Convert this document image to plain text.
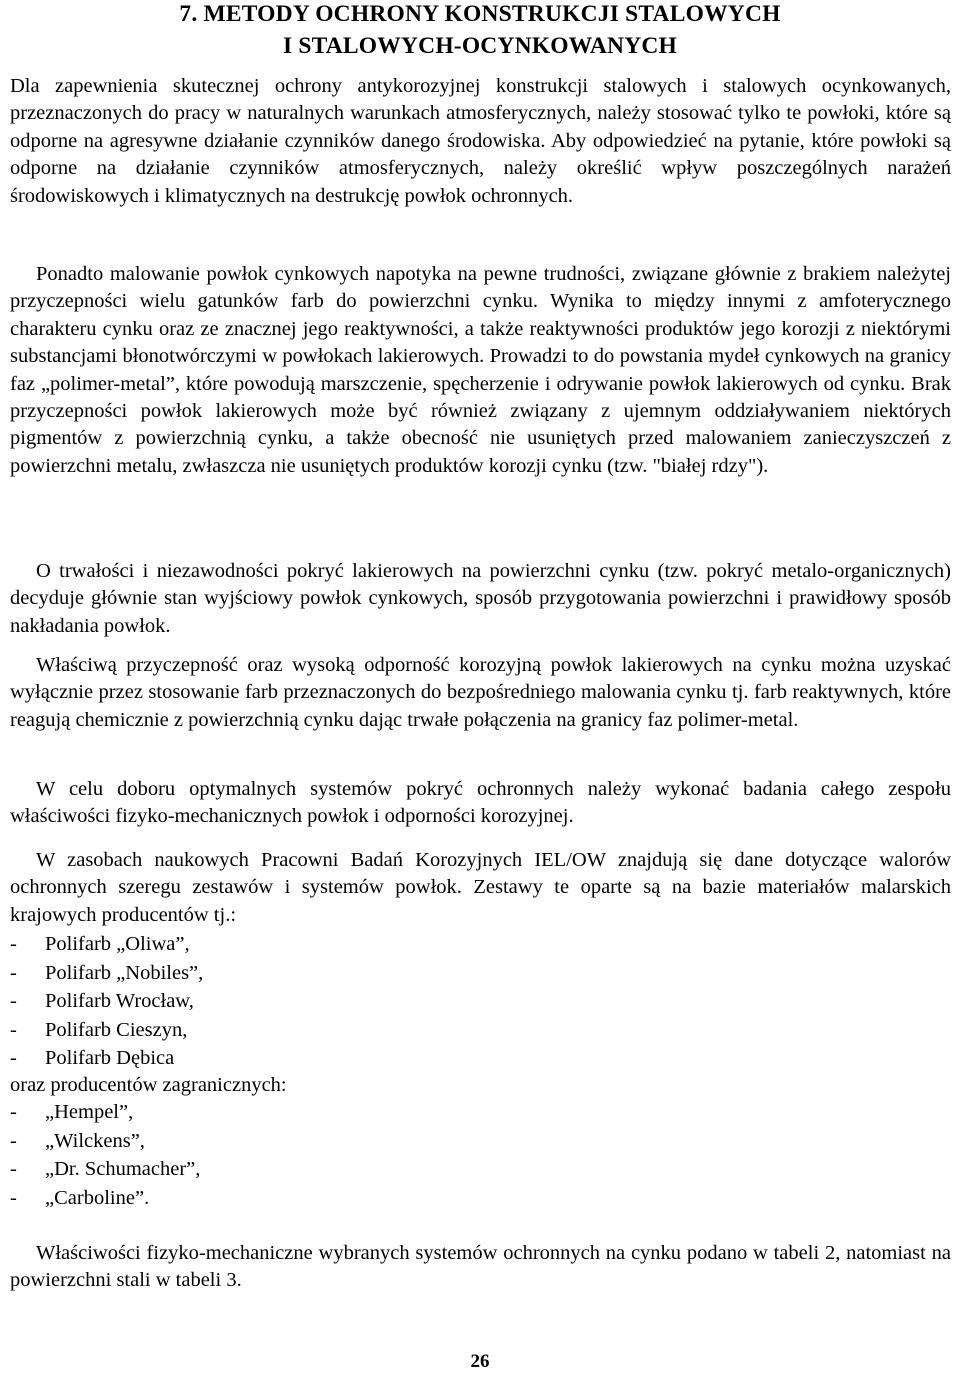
7. METODY OCHRONY KONSTRUKCJI STALOWYCH
I STALOWYCH-OCYNKOWANYCH

Dla zapewnienia skutecznej ochrony antykorozyjnej konstrukcji stalowych i stalowych ocynkowanych, przeznaczonych do pracy w naturalnych warunkach atmosferycznych, należy stosować tylko te powłoki, które są odporne na agresywne działanie czynników danego środowiska. Aby odpowiedzieć na pytanie, które powłoki są odporne na działanie czynników atmosferycznych, należy określić wpływ poszczególnych narażeń środowiskowych i klimatycznych na destrukcję powłok ochronnych.

Ponadto malowanie powłok cynkowych napotyka na pewne trudności, związane głównie z brakiem należytej przyczepności wielu gatunków farb do powierzchni cynku. Wynika to między innymi z amfoterycznego charakteru cynku oraz ze znacznej jego reaktywności, a także reaktywności produktów jego korozji z niektórymi substancjami błonotwórczymi w powłokach lakierowych. Prowadzi to do powstania mydeł cynkowych na granicy faz „polimer-metal”, które powodują marszczenie, spęcherzenie i odrywanie powłok lakierowych od cynku. Brak przyczepności powłok lakierowych może być również związany z ujemnym oddziaływaniem niektórych pigmentów z powierzchnią cynku, a także obecność nie usuniętych przed malowaniem zanieczyszczeń z powierzchni metalu, zwłaszcza nie usuniętych produktów korozji cynku (tzw. "białej rdzy").

O trwałości i niezawodności pokryć lakierowych na powierzchni cynku (tzw. pokryć metalo-organicznych) decyduje głównie stan wyjściowy powłok cynkowych, sposób przygotowania powierzchni i prawidłowy sposób nakładania powłok.

Właściwą przyczepność oraz wysoką odporność korozyjną powłok lakierowych na cynku można uzyskać wyłącznie przez stosowanie farb przeznaczonych do bezpośredniego malowania cynku tj. farb reaktywnych, które reagują chemicznie z powierzchnią cynku dając trwałe połączenia na granicy faz polimer-metal.

W celu doboru optymalnych systemów pokryć ochronnych należy wykonać badania całego zespołu właściwości fizyko-mechanicznych powłok i odporności korozyjnej.

W zasobach naukowych Pracowni Badań Korozyjnych IEL/OW znajdują się dane dotyczące walorów ochronnych szeregu zestawów i systemów powłok. Zestawy te oparte są na bazie materiałów malarskich krajowych producentów tj.:

- Polifarb „Oliwa”,
- Polifarb „Nobiles”,
- Polifarb Wrocław,
- Polifarb Cieszyn,
- Polifarb Dębica

oraz producentów zagranicznych:

- „Hempel”,
- „Wilckens”,
- „Dr. Schumacher”,
- „Carboline”.

Właściwości fizyko-mechaniczne wybranych systemów ochronnych na cynku podano w tabeli 2, natomiast na powierzchni stali w tabeli 3.

26
